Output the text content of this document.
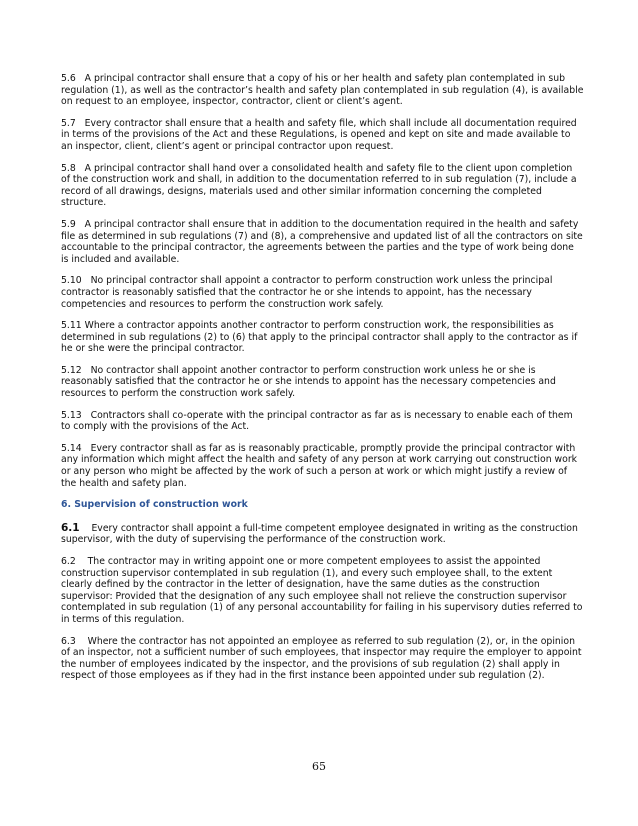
5.6 A principal contractor shall ensure that a copy of his or her health and safety plan contemplated in sub regulation (1), as well as the contractor’s health and safety plan contemplated in sub regulation (4), is available on request to an employee, inspector, contractor, client or client’s agent.

5.7 Every contractor shall ensure that a health and safety file, which shall include all documentation required in terms of the provisions of the Act and these Regulations, is opened and kept on site and made available to an inspector, client, client’s agent or principal contractor upon request.

5.8 A principal contractor shall hand over a consolidated health and safety file to the client upon completion of the construction work and shall, in addition to the documentation referred to in sub regulation (7), include a record of all drawings, designs, materials used and other similar information concerning the completed structure.

5.9 A principal contractor shall ensure that in addition to the documentation required in the health and safety file as determined in sub regulations (7) and (8), a comprehensive and updated list of all the contractors on site accountable to the principal contractor, the agreements between the parties and the type of work being done is included and available.

5.10 No principal contractor shall appoint a contractor to perform construction work unless the principal contractor is reasonably satisfied that the contractor he or she intends to appoint, has the necessary competencies and resources to perform the construction work safely.

5.11 Where a contractor appoints another contractor to perform construction work, the responsibilities as determined in sub regulations (2) to (6) that apply to the principal contractor shall apply to the contractor as if he or she were the principal contractor.

5.12 No contractor shall appoint another contractor to perform construction work unless he or she is reasonably satisfied that the contractor he or she intends to appoint has the necessary competencies and resources to perform the construction work safely.

5.13 Contractors shall co-operate with the principal contractor as far as is necessary to enable each of them to comply with the provisions of the Act.

5.14 Every contractor shall as far as is reasonably practicable, promptly provide the principal contractor with any information which might affect the health and safety of any person at work carrying out construction work or any person who might be affected by the work of such a person at work or which might justify a review of the health and safety plan.

6. Supervision of construction work

6.1 Every contractor shall appoint a full-time competent employee designated in writing as the construction supervisor, with the duty of supervising the performance of the construction work.

6.2 The contractor may in writing appoint one or more competent employees to assist the appointed construction supervisor contemplated in sub regulation (1), and every such employee shall, to the extent clearly defined by the contractor in the letter of designation, have the same duties as the construction supervisor: Provided that the designation of any such employee shall not relieve the construction supervisor contemplated in sub regulation (1) of any personal accountability for failing in his supervisory duties referred to in terms of this regulation.

6.3 Where the contractor has not appointed an employee as referred to sub regulation (2), or, in the opinion of an inspector, not a sufficient number of such employees, that inspector may require the employer to appoint the number of employees indicated by the inspector, and the provisions of sub regulation (2) shall apply in respect of those employees as if they had in the first instance been appointed under sub regulation (2).

65
